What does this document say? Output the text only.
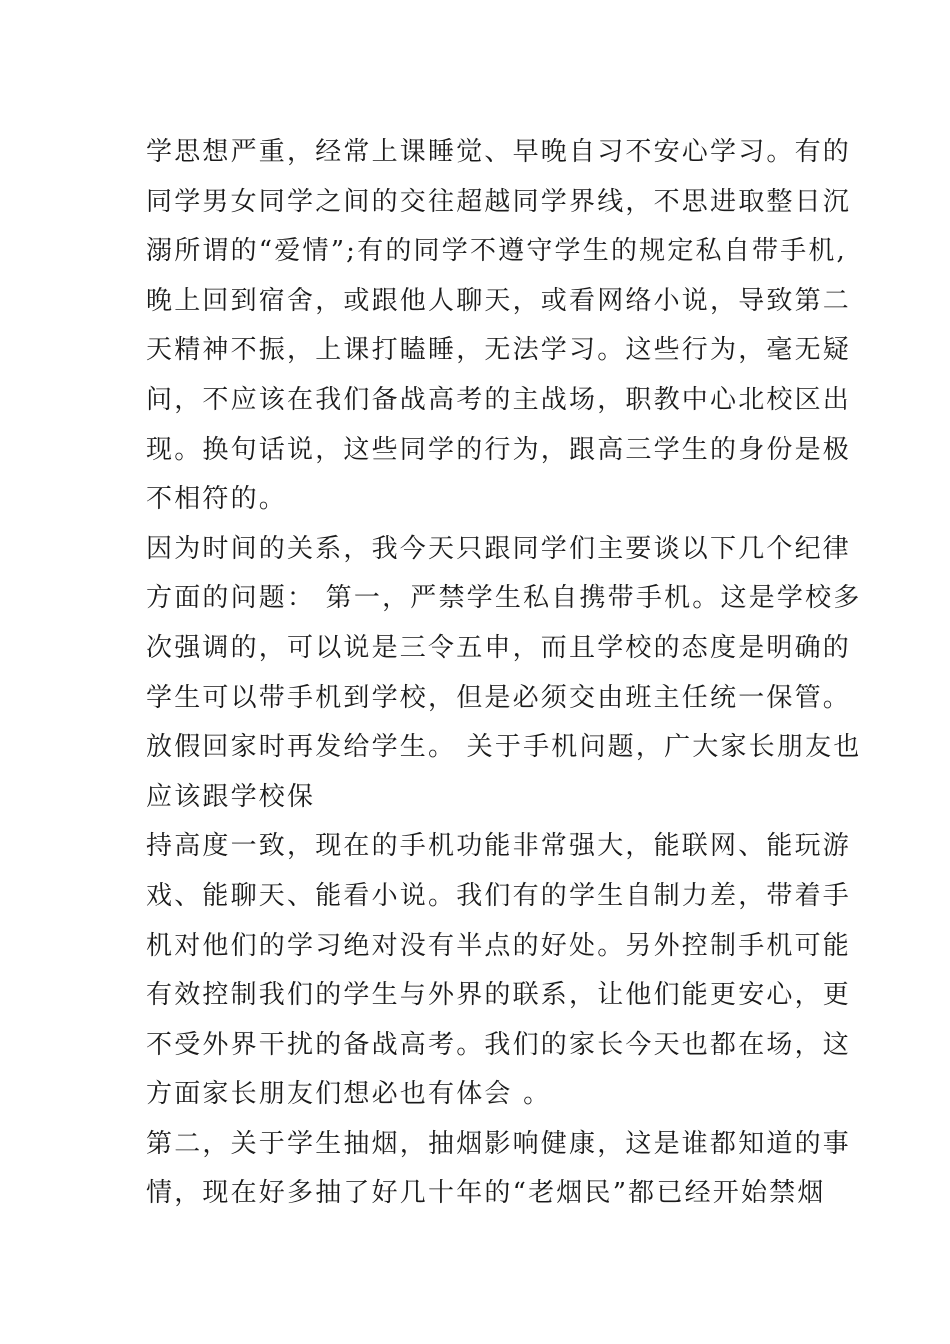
学思想严重，经常上课睡觉、早晚自习不安心学习。有的
同学男女同学之间的交往超越同学界线，不思进取整日沉
溺所谓的“爱情”;有的同学不遵守学生的规定私自带手机,
晚上回到宿舍，或跟他人聊天，或看网络小说，导致第二
天精神不振，上课打瞌睡，无法学习。这些行为，毫无疑
问，不应该在我们备战高考的主战场，职教中心北校区出
现。换句话说，这些同学的行为，跟高三学生的身份是极
不相符的。
因为时间的关系，我今天只跟同学们主要谈以下几个纪律
方面的问题： 第一，严禁学生私自携带手机。这是学校多
次强调的，可以说是三令五申，而且学校的态度是明确的
学生可以带手机到学校，但是必须交由班主任统一保管。
放假回家时再发给学生。 关于手机问题，广大家长朋友也
应该跟学校保
持高度一致，现在的手机功能非常强大，能联网、能玩游
戏、能聊天、能看小说。我们有的学生自制力差，带着手
机对他们的学习绝对没有半点的好处。另外控制手机可能
有效控制我们的学生与外界的联系，让他们能更安心，更
不受外界干扰的备战高考。我们的家长今天也都在场，这
方面家长朋友们想必也有体会 。
第二，关于学生抽烟，抽烟影响健康，这是谁都知道的事
情，现在好多抽了好几十年的“老烟民”都已经开始禁烟
